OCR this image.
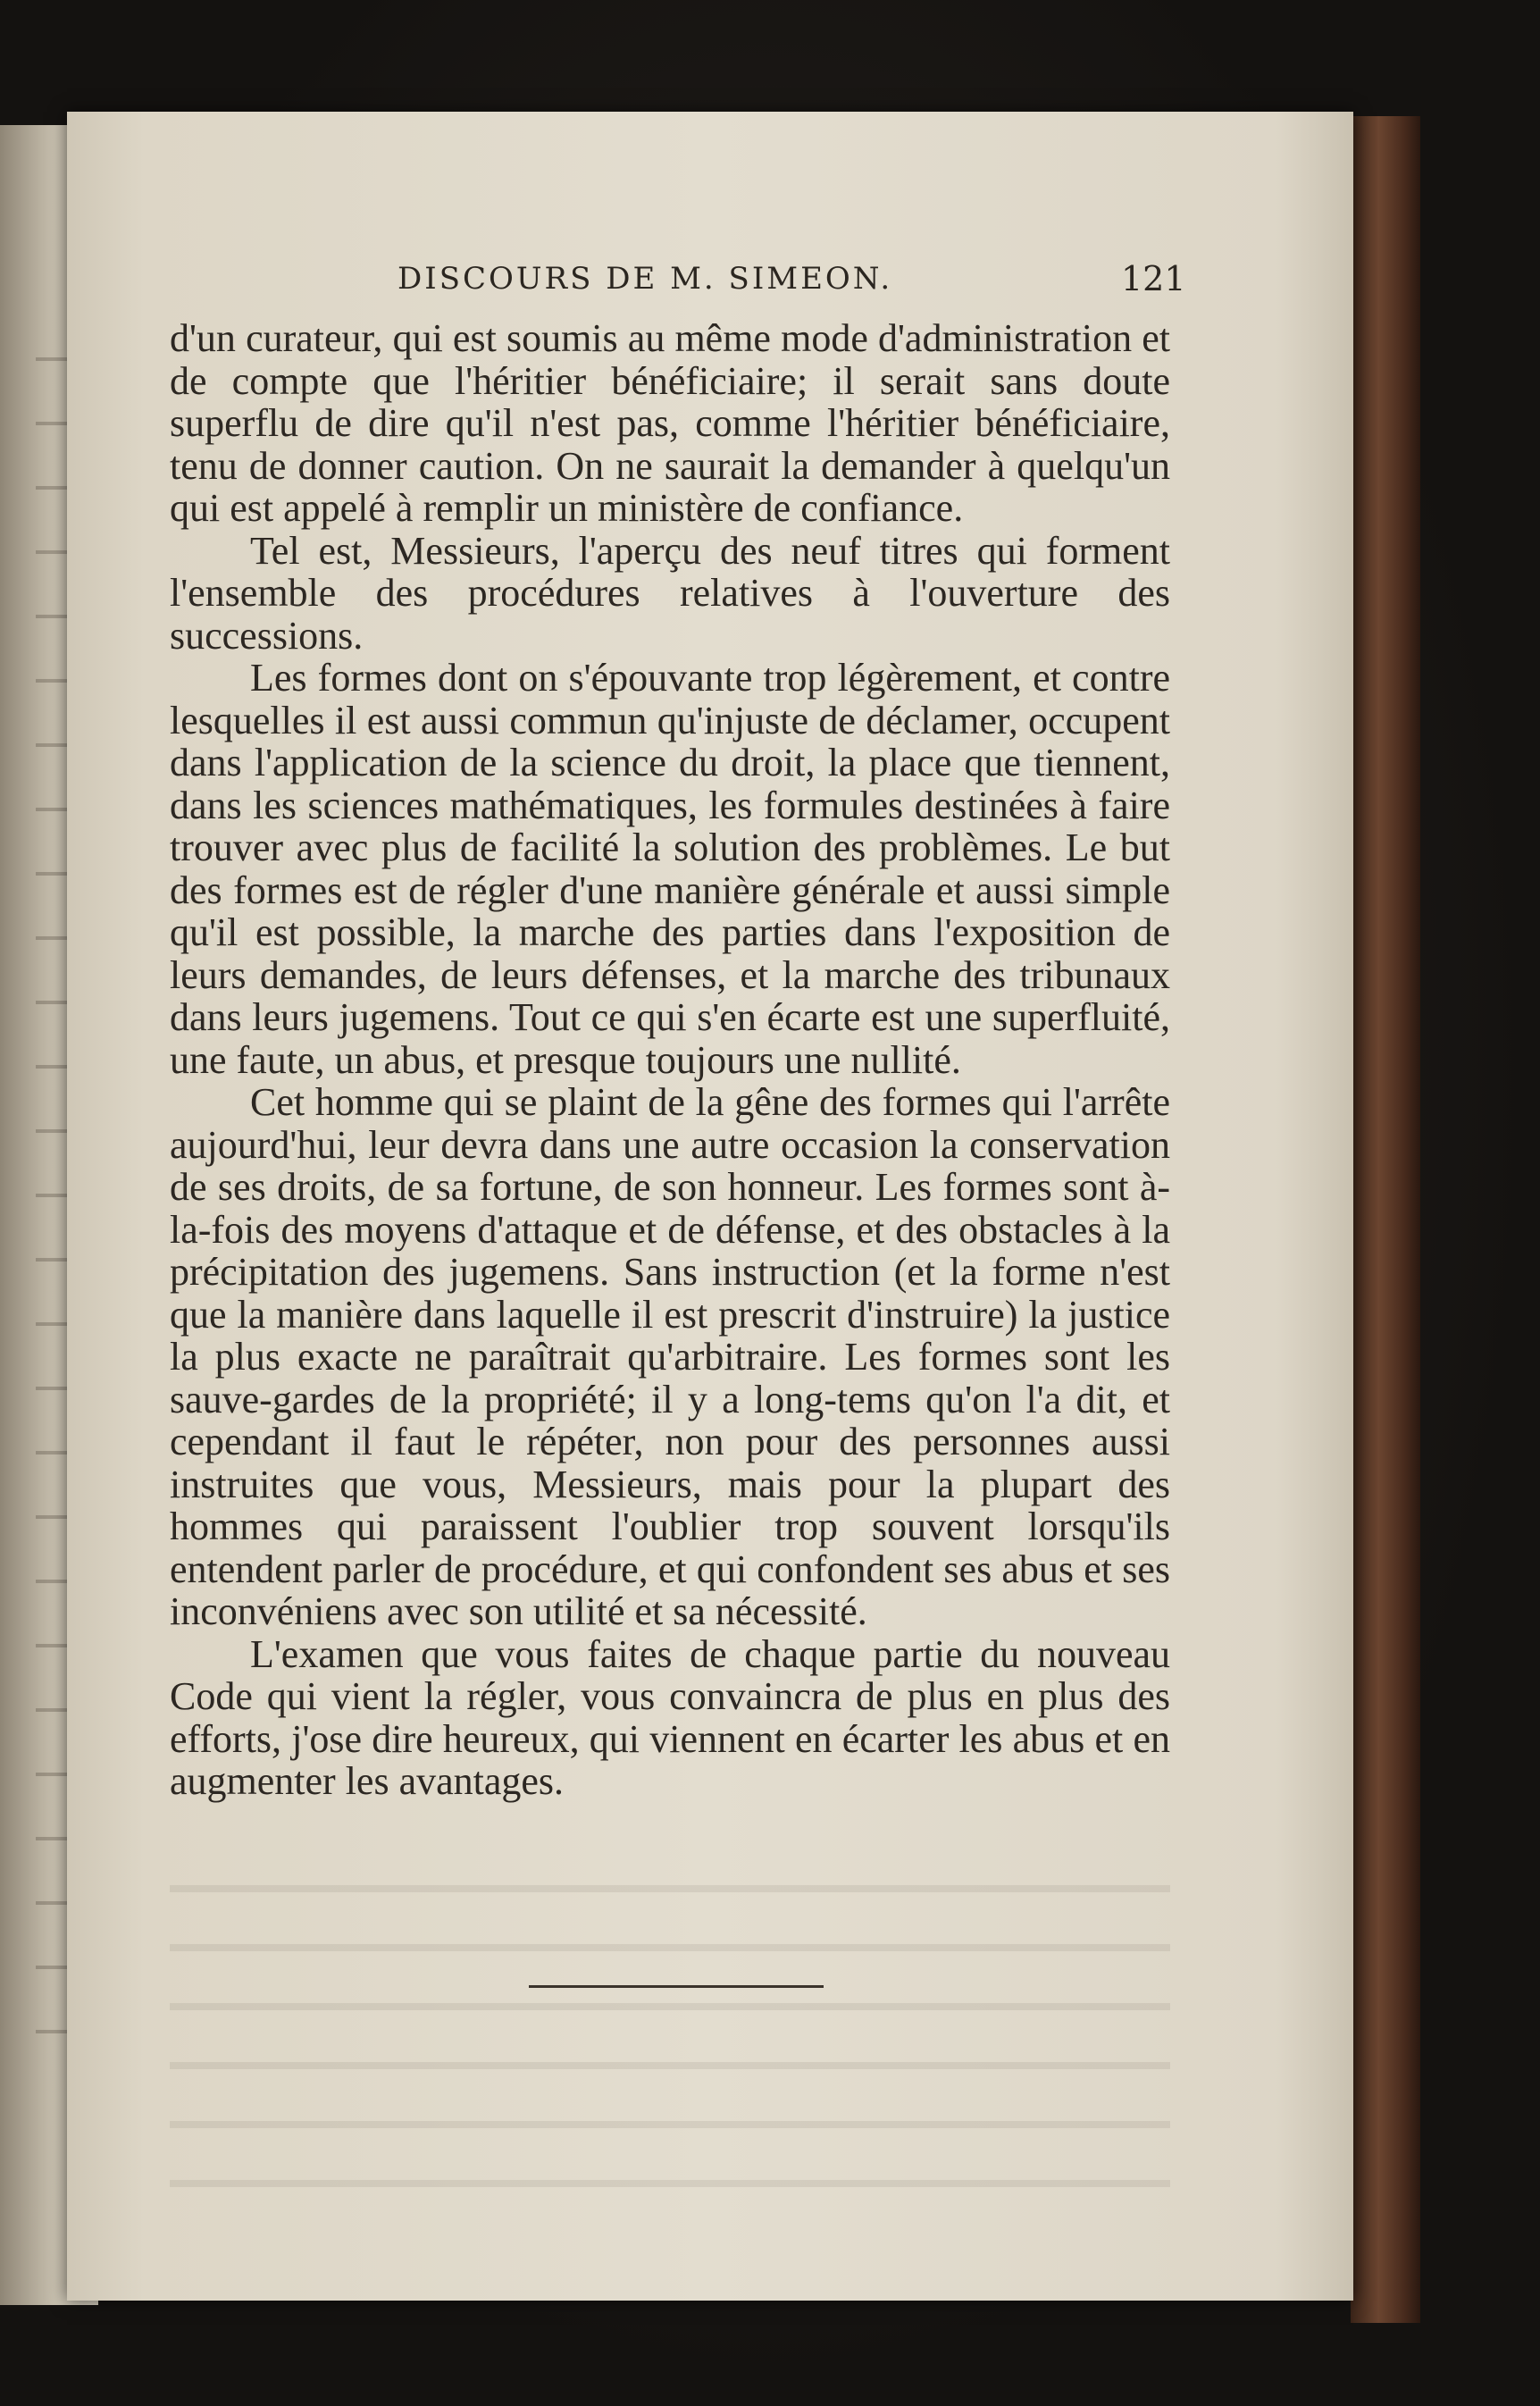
DISCOURS DE M. SIMEON.	121

d'un curateur, qui est soumis au même mode d'administration et de compte que l'héritier bénéficiaire; il serait sans doute superflu de dire qu'il n'est pas, comme l'héritier bénéficiaire, tenu de donner caution. On ne saurait la demander à quelqu'un qui est appelé à remplir un ministère de confiance.

Tel est, Messieurs, l'aperçu des neuf titres qui forment l'ensemble des procédures relatives à l'ouverture des successions.

Les formes dont on s'épouvante trop légèrement, et contre lesquelles il est aussi commun qu'injuste de déclamer, occupent dans l'application de la science du droit, la place que tiennent, dans les sciences mathématiques, les formules destinées à faire trouver avec plus de facilité la solution des problèmes. Le but des formes est de régler d'une manière générale et aussi simple qu'il est possible, la marche des parties dans l'exposition de leurs demandes, de leurs défenses, et la marche des tribunaux dans leurs jugemens. Tout ce qui s'en écarte est une superfluité, une faute, un abus, et presque toujours une nullité.

Cet homme qui se plaint de la gêne des formes qui l'arrête aujourd'hui, leur devra dans une autre occasion la conservation de ses droits, de sa fortune, de son honneur. Les formes sont à-la-fois des moyens d'attaque et de défense, et des obstacles à la précipitation des jugemens. Sans instruction (et la forme n'est que la manière dans laquelle il est prescrit d'instruire) la justice la plus exacte ne paraîtrait qu'arbitraire. Les formes sont les sauve-gardes de la propriété; il y a long-tems qu'on l'a dit, et cependant il faut le répéter, non pour des personnes aussi instruites que vous, Messieurs, mais pour la plupart des hommes qui paraissent l'oublier trop souvent lorsqu'ils entendent parler de procédure, et qui confondent ses abus et ses inconvéniens avec son utilité et sa nécessité.

L'examen que vous faites de chaque partie du nouveau Code qui vient la régler, vous convaincra de plus en plus des efforts, j'ose dire heureux, qui viennent en écarter les abus et en augmenter les avantages.
